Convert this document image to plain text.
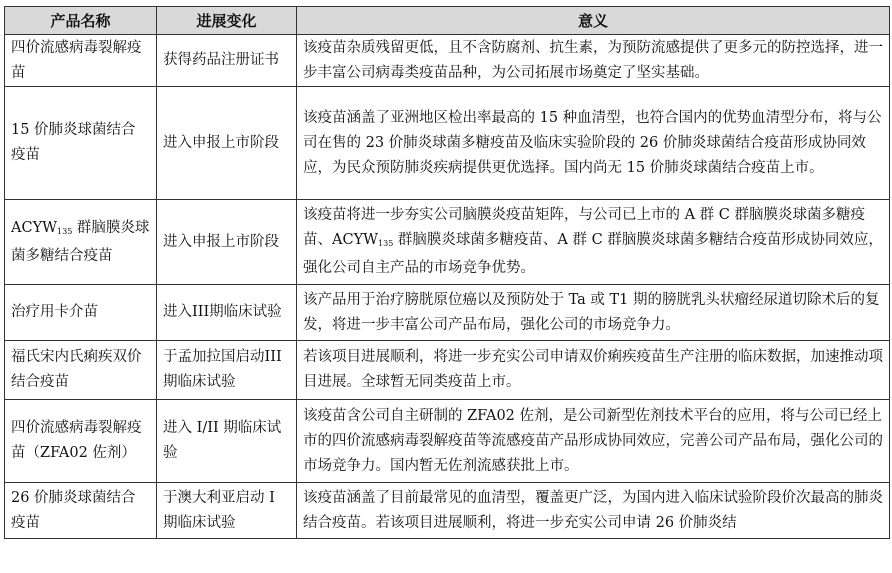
产品名称	进展变化	意义
四价流感病毒裂解疫苗	获得药品注册证书	该疫苗杂质残留更低，且不含防腐剂、抗生素，为预防流感提供了更多元的防控选择，进一步丰富公司病毒类疫苗品种，为公司拓展市场奠定了坚实基础。
15 价肺炎球菌结合疫苗	进入申报上市阶段	该疫苗涵盖了亚洲地区检出率最高的 15 种血清型，也符合国内的优势血清型分布，将与公司在售的 23 价肺炎球菌多糖疫苗及临床实验阶段的 26 价肺炎球菌结合疫苗形成协同效应，为民众预防肺炎疾病提供更优选择。国内尚无 15 价肺炎球菌结合疫苗上市。
$ACYW_{135}$ 群脑膜炎球菌多糖结合疫苗	进入申报上市阶段	该疫苗将进一步夯实公司脑膜炎疫苗矩阵，与公司已上市的 A 群 C 群脑膜炎球菌多糖疫苗、$ACYW_{135}$ 群脑膜炎球菌多糖疫苗、A 群 C 群脑膜炎球菌多糖结合疫苗形成协同效应，强化公司自主产品的市场竞争优势。
治疗用卡介苗	进入III期临床试验	该产品用于治疗膀胱原位癌以及预防处于 Ta 或 T1 期的膀胱乳头状瘤经尿道切除术后的复发，将进一步丰富公司产品布局，强化公司的市场竞争力。
福氏宋内氏痢疾双价结合疫苗	于孟加拉国启动III期临床试验	若该项目进展顺利，将进一步充实公司申请双价痢疾疫苗生产注册的临床数据，加速推动项目进展。全球暂无同类疫苗上市。
四价流感病毒裂解疫苗（ZFA02 佐剂）	进入 I/II 期临床试验	该疫苗含公司自主研制的 ZFA02 佐剂，是公司新型佐剂技术平台的应用，将与公司已经上市的四价流感病毒裂解疫苗等流感疫苗产品形成协同效应，完善公司产品布局，强化公司的市场竞争力。国内暂无佐剂流感获批上市。
26 价肺炎球菌结合疫苗	于澳大利亚启动 I 期临床试验	该疫苗涵盖了目前最常见的血清型，覆盖更广泛，为国内进入临床试验阶段价次最高的肺炎结合疫苗。若该项目进展顺利，将进一步充实公司申请 26 价肺炎结
